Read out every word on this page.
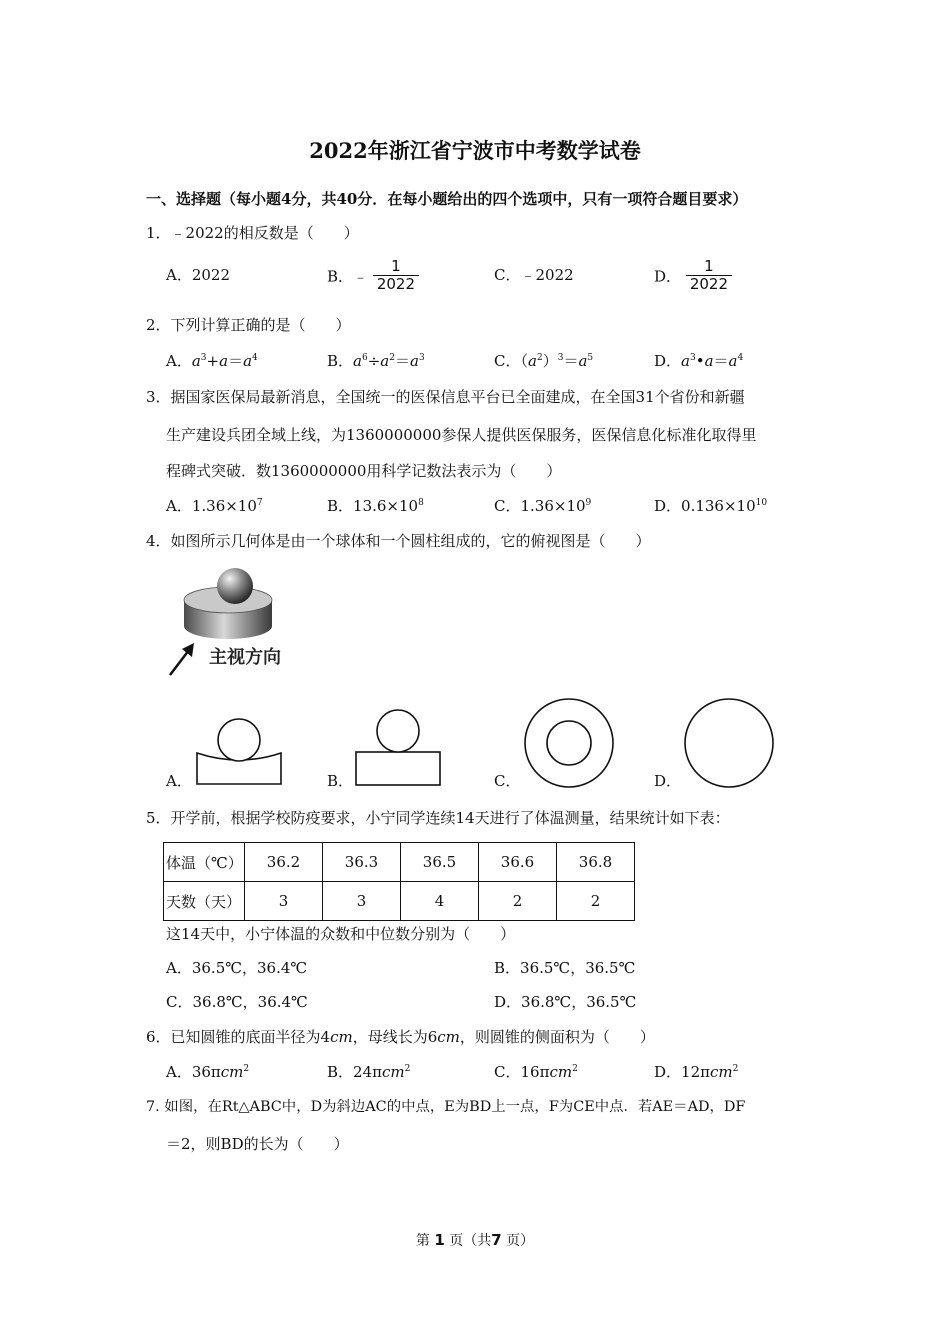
2022年浙江省宁波市中考数学试卷
一、选择题（每小题4分，共40分．在每小题给出的四个选项中，只有一项符合题目要求）
1．﹣2022的相反数是（　　）
A．2022	B．﹣ $\frac{1}{2022}$	C．﹣2022	D． $\frac{1}{2022}$
2．下列计算正确的是（　　）
A．$a^3+a=a^4$	B．$a^6\div a^2=a^3$	C．$(a^2)^3=a^5$	D．$a^3•a=a^4$
3．据国家医保局最新消息，全国统一的医保信息平台已全面建成，在全国31个省份和新疆
生产建设兵团全域上线，为1360000000参保人提供医保服务，医保信息化标准化取得里
程碑式突破．数1360000000用科学记数法表示为（　　）
A．$1.36\times 10^7$	B．$13.6\times 10^8$	C．$1.36\times 10^9$	D．$0.136\times 10^{10}$
4．如图所示几何体是由一个球体和一个圆柱组成的，它的俯视图是（　　）
主视方向
A．	B．	C．	D．
5．开学前，根据学校防疫要求，小宁同学连续14天进行了体温测量，结果统计如下表：
体温（℃）	36.2	36.3	36.5	36.6	36.8
天数（天）	3	3	4	2	2
这14天中，小宁体温的众数和中位数分别为（　　）
A．36.5℃，36.4℃	B．36.5℃，36.5℃
C．36.8℃，36.4℃	D．36.8℃，36.5℃
6．已知圆锥的底面半径为4cm，母线长为6cm，则圆锥的侧面积为（　　）
A．36πcm$^2$	B．24πcm$^2$	C．16πcm$^2$	D．12πcm$^2$
7. 如图，在Rt△ABC中，D为斜边AC的中点，E为BD上一点，F为CE中点．若AE＝AD，DF
＝2，则BD的长为（　　）
第 1 页（共7 页）
